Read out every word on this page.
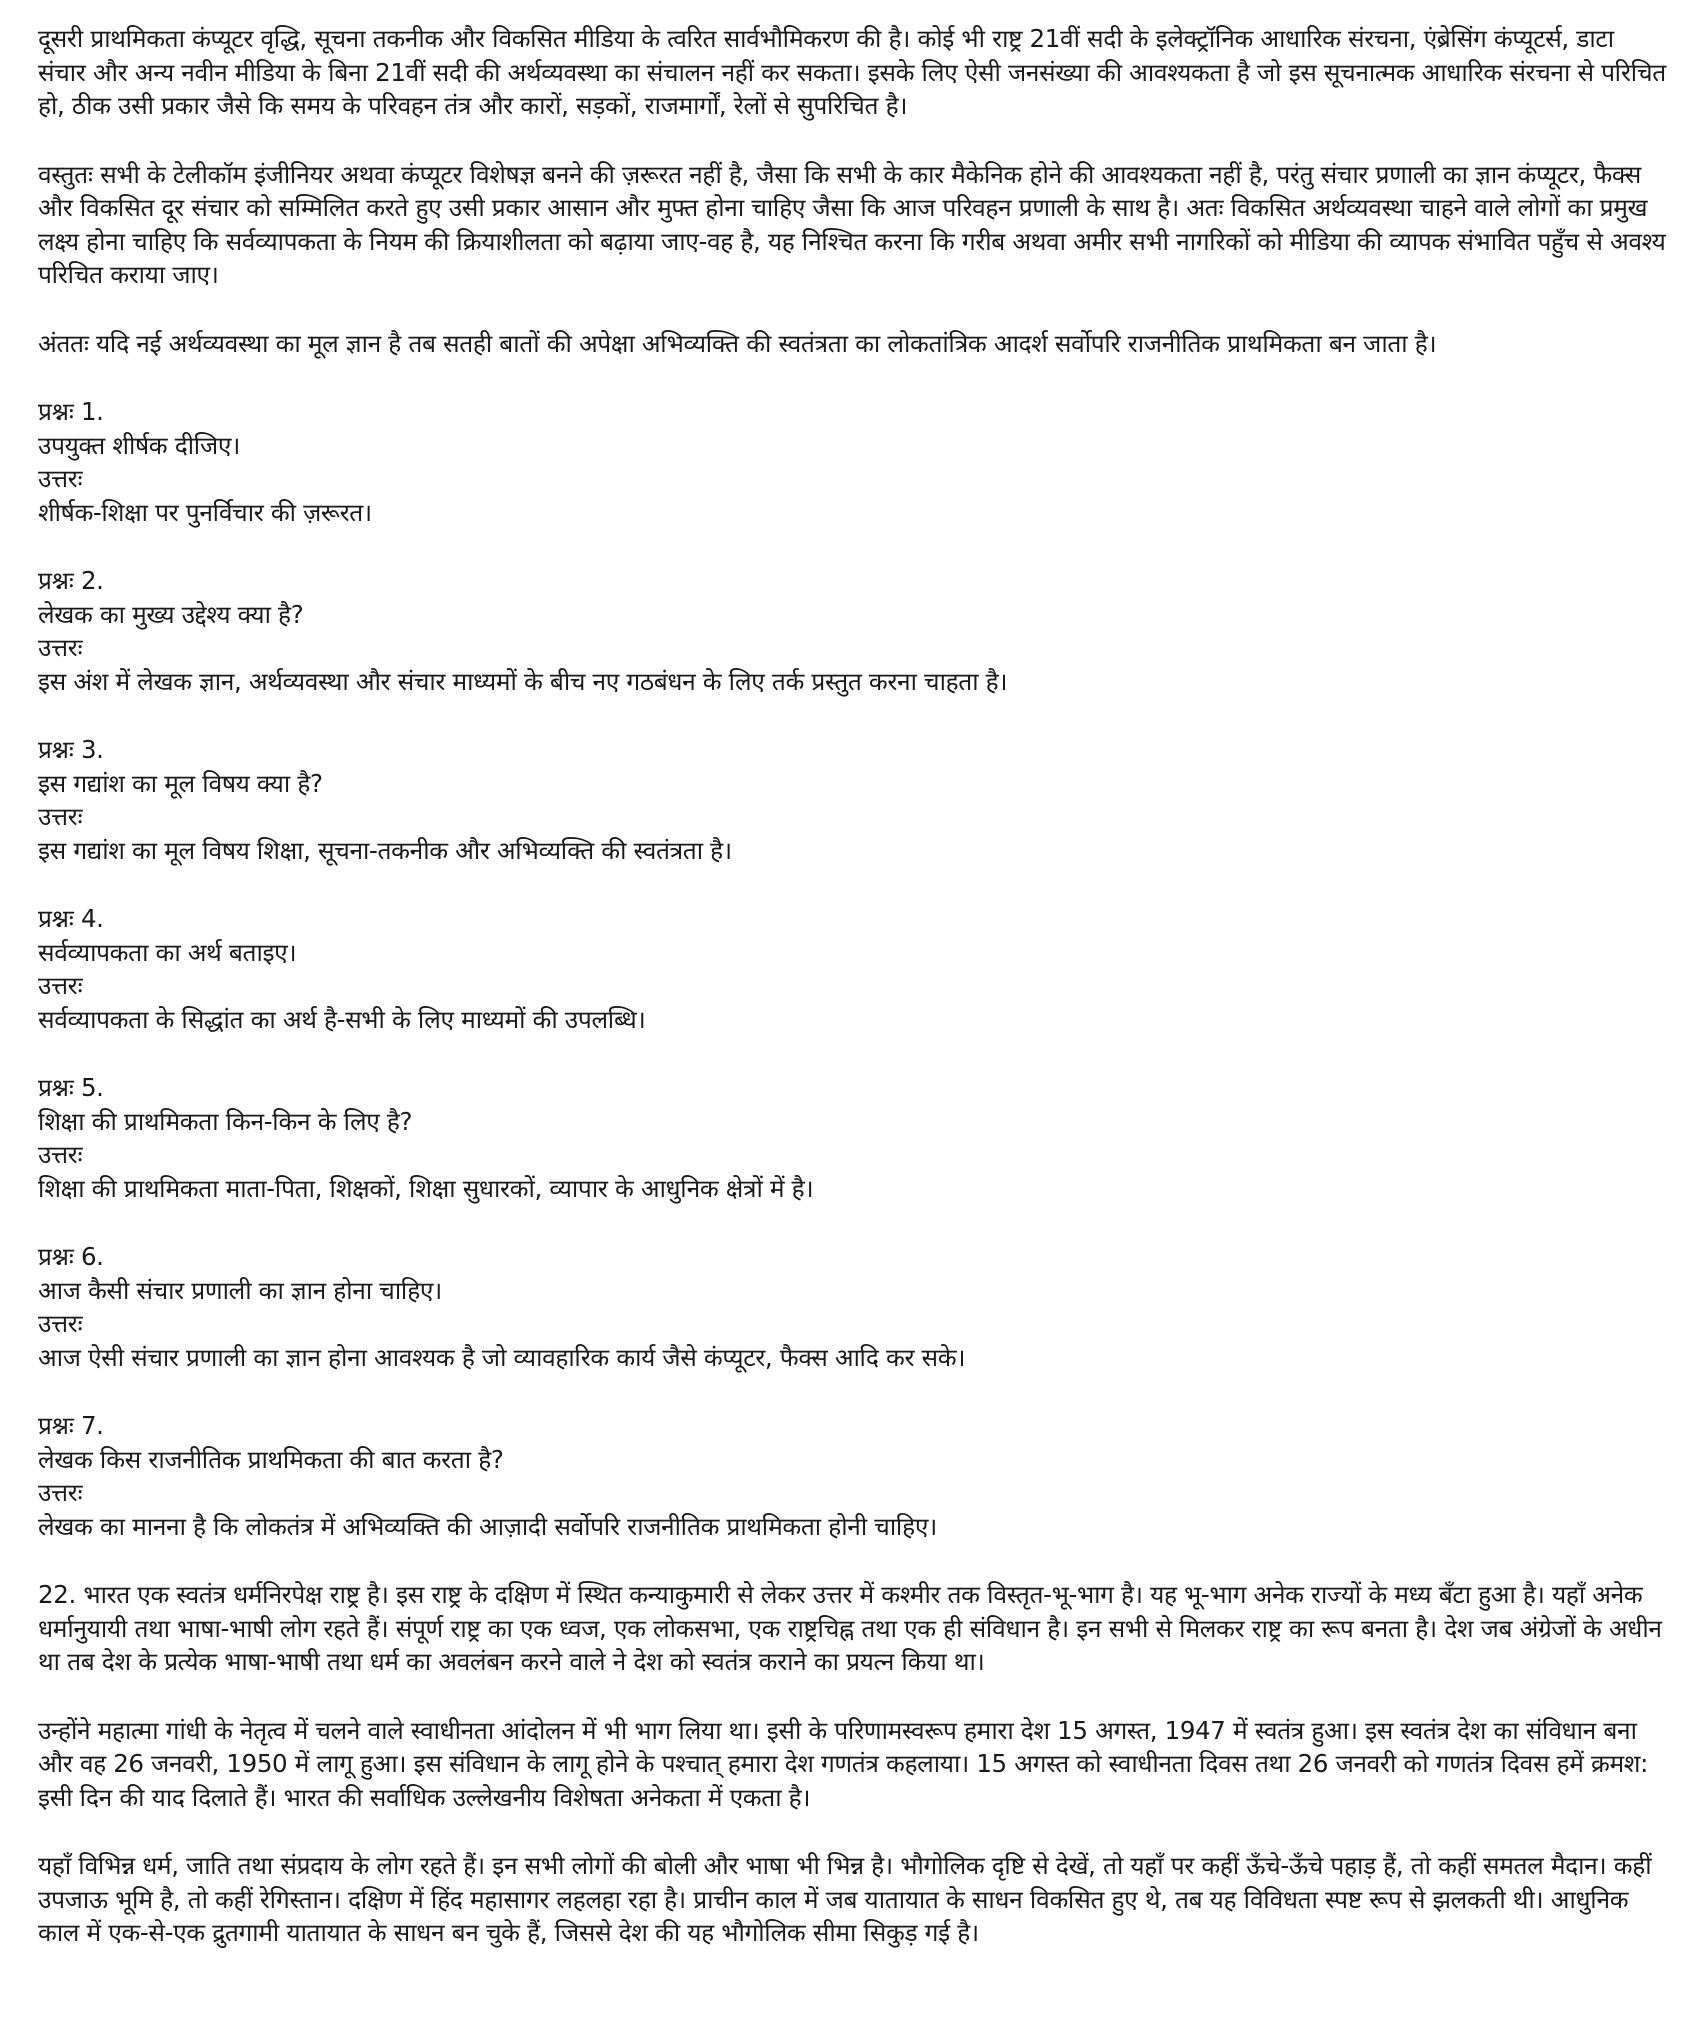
दूसरी प्राथमिकता कंप्यूटर वृद्धि, सूचना तकनीक और विकसित मीडिया के त्वरित सार्वभौमिकरण की है। कोई भी राष्ट्र 21वीं सदी के इलेक्ट्रॉनिक आधारिक संरचना, एंब्रेसिंग कंप्यूटर्स, डाटा संचार और अन्य नवीन मीडिया के बिना 21वीं सदी की अर्थव्यवस्था का संचालन नहीं कर सकता। इसके लिए ऐसी जनसंख्या की आवश्यकता है जो इस सूचनात्मक आधारिक संरचना से परिचित हो, ठीक उसी प्रकार जैसे कि समय के परिवहन तंत्र और कारों, सड़कों, राजमार्गों, रेलों से सुपरिचित है।

वस्तुतः सभी के टेलीकॉम इंजीनियर अथवा कंप्यूटर विशेषज्ञ बनने की ज़रूरत नहीं है, जैसा कि सभी के कार मैकेनिक होने की आवश्यकता नहीं है, परंतु संचार प्रणाली का ज्ञान कंप्यूटर, फैक्स और विकसित दूर संचार को सम्मिलित करते हुए उसी प्रकार आसान और मुफ्त होना चाहिए जैसा कि आज परिवहन प्रणाली के साथ है। अतः विकसित अर्थव्यवस्था चाहने वाले लोगों का प्रमुख लक्ष्य होना चाहिए कि सर्वव्यापकता के नियम की क्रियाशीलता को बढ़ाया जाए-वह है, यह निश्चित करना कि गरीब अथवा अमीर सभी नागरिकों को मीडिया की व्यापक संभावित पहुँच से अवश्य परिचित कराया जाए।

अंततः यदि नई अर्थव्यवस्था का मूल ज्ञान है तब सतही बातों की अपेक्षा अभिव्यक्ति की स्वतंत्रता का लोकतांत्रिक आदर्श सर्वोपरि राजनीतिक प्राथमिकता बन जाता है।

प्रश्नः 1.

उपयुक्त शीर्षक दीजिए।

उत्तरः

शीर्षक-शिक्षा पर पुनर्विचार की ज़रूरत।

प्रश्नः 2.

लेखक का मुख्य उद्देश्य क्या है?

उत्तरः

इस अंश में लेखक ज्ञान, अर्थव्यवस्था और संचार माध्यमों के बीच नए गठबंधन के लिए तर्क प्रस्तुत करना चाहता है।

प्रश्नः 3.

इस गद्यांश का मूल विषय क्या है?

उत्तरः

इस गद्यांश का मूल विषय शिक्षा, सूचना-तकनीक और अभिव्यक्ति की स्वतंत्रता है।

प्रश्नः 4.

सर्वव्यापकता का अर्थ बताइए।

उत्तरः

सर्वव्यापकता के सिद्धांत का अर्थ है-सभी के लिए माध्यमों की उपलब्धि।

प्रश्नः 5.

शिक्षा की प्राथमिकता किन-किन के लिए है?

उत्तरः

शिक्षा की प्राथमिकता माता-पिता, शिक्षकों, शिक्षा सुधारकों, व्यापार के आधुनिक क्षेत्रों में है।

प्रश्नः 6.

आज कैसी संचार प्रणाली का ज्ञान होना चाहिए।

उत्तरः

आज ऐसी संचार प्रणाली का ज्ञान होना आवश्यक है जो व्यावहारिक कार्य जैसे कंप्यूटर, फैक्स आदि कर सके।

प्रश्नः 7.

लेखक किस राजनीतिक प्राथमिकता की बात करता है?

उत्तरः

लेखक का मानना है कि लोकतंत्र में अभिव्यक्ति की आज़ादी सर्वोपरि राजनीतिक प्राथमिकता होनी चाहिए।

22. भारत एक स्वतंत्र धर्मनिरपेक्ष राष्ट्र है। इस राष्ट्र के दक्षिण में स्थित कन्याकुमारी से लेकर उत्तर में कश्मीर तक विस्तृत-भू-भाग है। यह भू-भाग अनेक राज्यों के मध्य बँटा हुआ है। यहाँ अनेक धर्मानुयायी तथा भाषा-भाषी लोग रहते हैं। संपूर्ण राष्ट्र का एक ध्वज, एक लोकसभा, एक राष्ट्रचिह्न तथा एक ही संविधान है। इन सभी से मिलकर राष्ट्र का रूप बनता है। देश जब अंग्रेजों के अधीन था तब देश के प्रत्येक भाषा-भाषी तथा धर्म का अवलंबन करने वाले ने देश को स्वतंत्र कराने का प्रयत्न किया था।

उन्होंने महात्मा गांधी के नेतृत्व में चलने वाले स्वाधीनता आंदोलन में भी भाग लिया था। इसी के परिणामस्वरूप हमारा देश 15 अगस्त, 1947 में स्वतंत्र हुआ। इस स्वतंत्र देश का संविधान बना और वह 26 जनवरी, 1950 में लागू हुआ। इस संविधान के लागू होने के पश्चात् हमारा देश गणतंत्र कहलाया। 15 अगस्त को स्वाधीनता दिवस तथा 26 जनवरी को गणतंत्र दिवस हमें क्रमश: इसी दिन की याद दिलाते हैं। भारत की सर्वाधिक उल्लेखनीय विशेषता अनेकता में एकता है।

यहाँ विभिन्न धर्म, जाति तथा संप्रदाय के लोग रहते हैं। इन सभी लोगों की बोली और भाषा भी भिन्न है। भौगोलिक दृष्टि से देखें, तो यहाँ पर कहीं ऊँचे-ऊँचे पहाड़ हैं, तो कहीं समतल मैदान। कहीं उपजाऊ भूमि है, तो कहीं रेगिस्तान। दक्षिण में हिंद महासागर लहलहा रहा है। प्राचीन काल में जब यातायात के साधन विकसित हुए थे, तब यह विविधता स्पष्ट रूप से झलकती थी। आधुनिक काल में एक-से-एक द्रुतगामी यातायात के साधन बन चुके हैं, जिससे देश की यह भौगोलिक सीमा सिकुड़ गई है।
